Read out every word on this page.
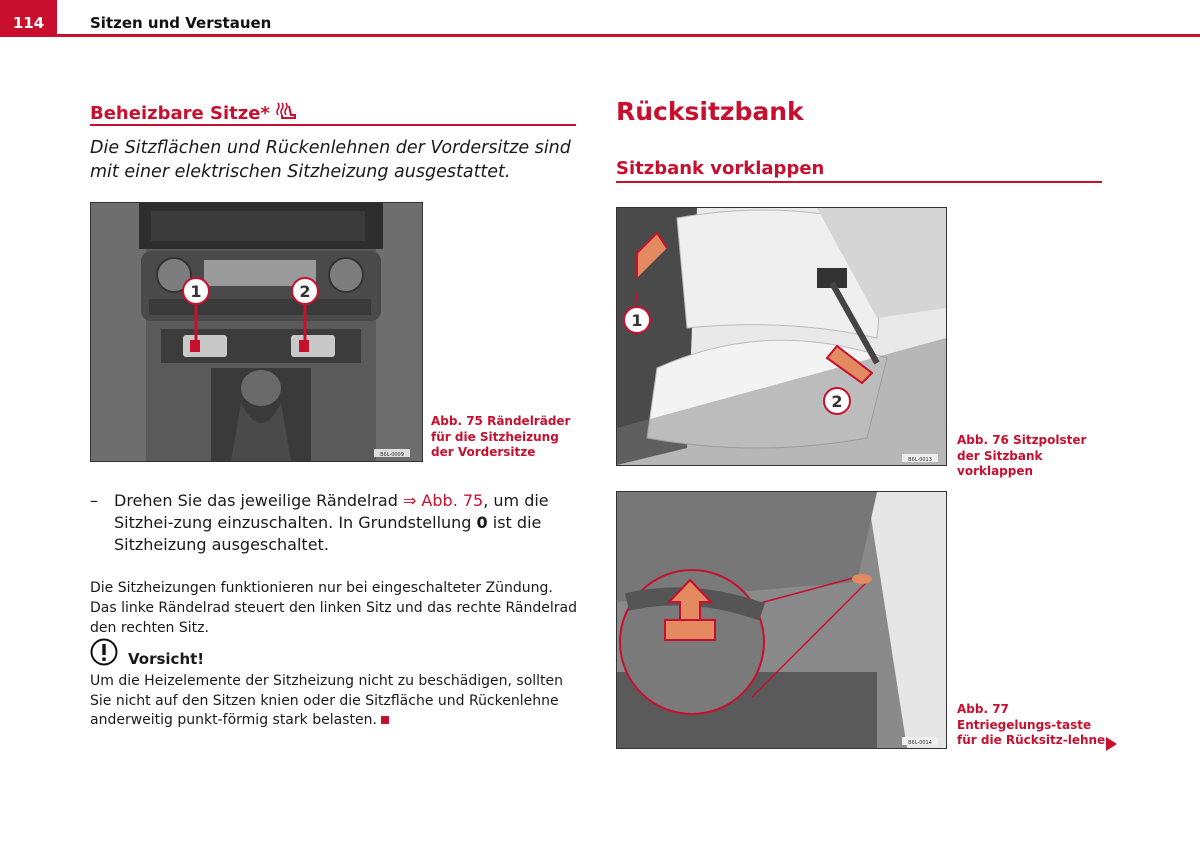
114	Sitzen und Verstauen
Beheizbare Sitze*
Die Sitzflächen und Rückenlehnen der Vordersitze sind mit einer elektrischen Sitzheizung ausgestattet.
1	2
B6L-0009
Abb. 75 Rändelräder für die Sitzheizung der Vordersitze
– Drehen Sie das jeweilige Rändelrad ⇒ Abb. 75, um die Sitzhei-zung einzuschalten. In Grundstellung 0 ist die Sitzheizung ausgeschaltet.
Die Sitzheizungen funktionieren nur bei eingeschalteter Zündung. Das linke Rändelrad steuert den linken Sitz und das rechte Rändelrad den rechten Sitz.
Vorsicht!
Um die Heizelemente der Sitzheizung nicht zu beschädigen, sollten Sie nicht auf den Sitzen knien oder die Sitzfläche und Rückenlehne anderweitig punkt-förmig stark belasten.
Rücksitzbank
Sitzbank vorklappen
1
2
B6L-0013
Abb. 76 Sitzpolster der Sitzbank vorklappen
B6L-0014
Abb. 77 Entriegelungs-taste für die Rücksitz-lehne
